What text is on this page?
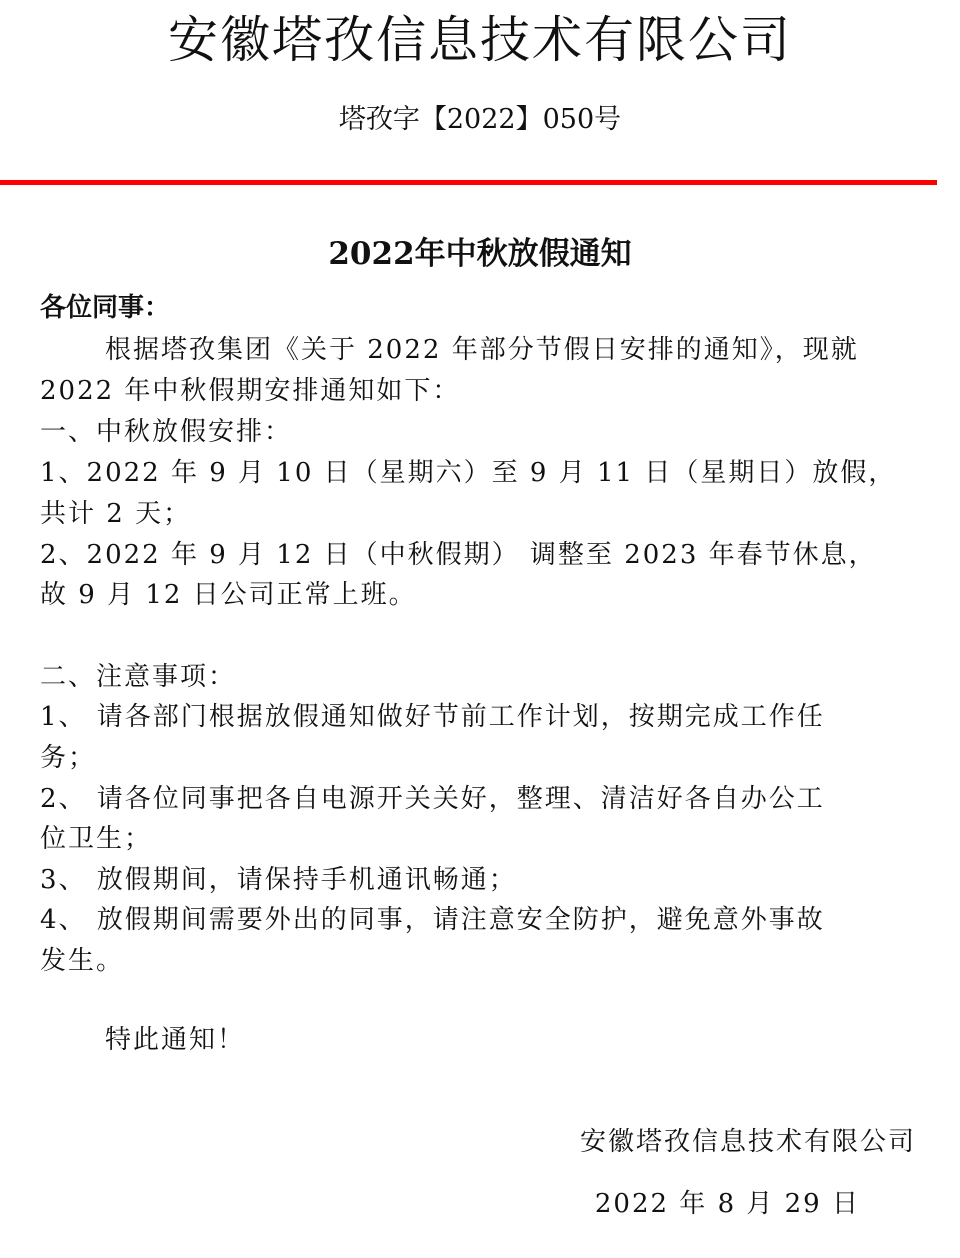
安徽塔孜信息技术有限公司
塔孜字【2022】050号
2022年中秋放假通知
各位同事：
根据塔孜集团《关于 2022 年部分节假日安排的通知》，现就
2022 年中秋假期安排通知如下：
一、中秋放假安排：
1、2022 年 9 月 10 日（星期六）至 9 月 11 日（星期日）放假，
共计 2 天；
2、2022 年 9 月 12 日（中秋假期） 调整至 2023 年春节休息，
故 9 月 12 日公司正常上班。
二、注意事项：
1、 请各部门根据放假通知做好节前工作计划，按期完成工作任
务；
2、 请各位同事把各自电源开关关好，整理、清洁好各自办公工
位卫生；
3、 放假期间，请保持手机通讯畅通；
4、 放假期间需要外出的同事，请注意安全防护，避免意外事故
发生。
特此通知！
安徽塔孜信息技术有限公司
2022 年 8 月 29 日
